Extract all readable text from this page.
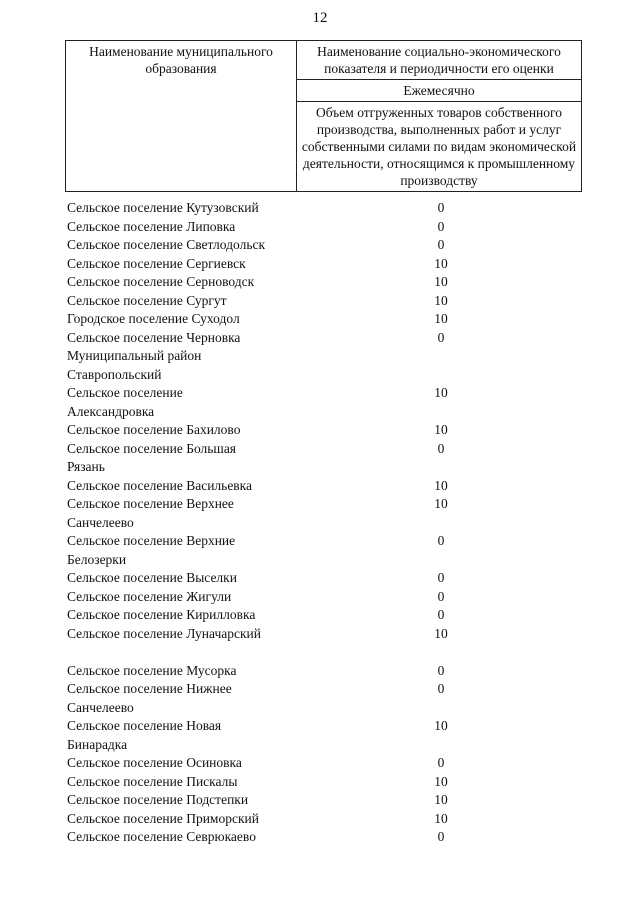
12
Наименование муниципального образования	Наименование социально-экономического показателя и периодичности его оценки
Ежемесячно
Объем отгруженных товаров собственного производства, выполненных работ и услуг собственными силами по видам экономической деятельности, относящимся к промышленному производству
Сельское поселение Кутузовский	0
Сельское поселение Липовка	0
Сельское поселение Светлодольск	0
Сельское поселение Сергиевск	10
Сельское поселение Серноводск	10
Сельское поселение Сургут	10
Городское поселение Суходол	10
Сельское поселение Черновка	0
Муниципальный район
Ставропольский
Сельское поселение	10
Александровка
Сельское поселение Бахилово	10
Сельское поселение Большая	0
Рязань
Сельское поселение Васильевка	10
Сельское поселение Верхнее	10
Санчелеево
Сельское поселение Верхние	0
Белозерки
Сельское поселение Выселки	0
Сельское поселение Жигули	0
Сельское поселение Кирилловка	0
Сельское поселение Луначарский	10
Сельское поселение Мусорка	0
Сельское поселение Нижнее	0
Санчелеево
Сельское поселение Новая	10
Бинарадка
Сельское поселение Осиновка	0
Сельское поселение Пискалы	10
Сельское поселение Подстепки	10
Сельское поселение Приморский	10
Сельское поселение Севрюкаево	0
